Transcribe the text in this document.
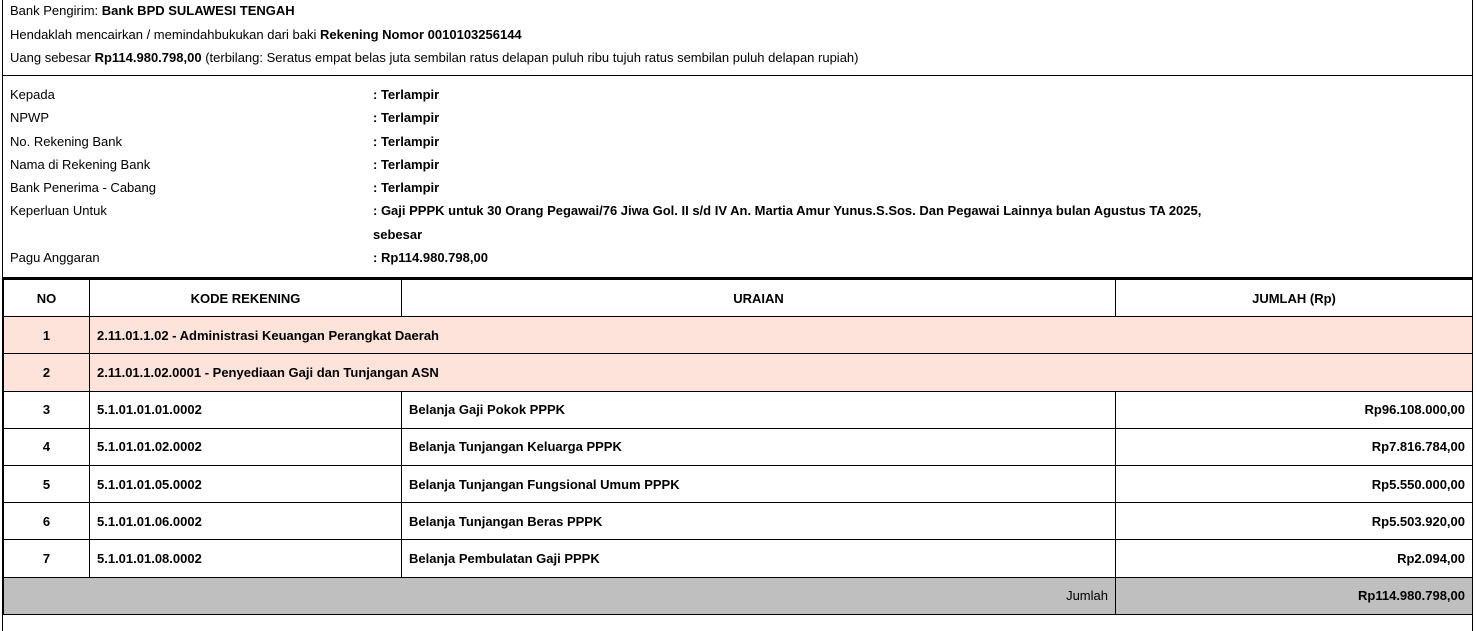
Bank Pengirim: Bank BPD SULAWESI TENGAH
Hendaklah mencairkan / memindahbukukan dari baki Rekening Nomor 0010103256144
Uang sebesar Rp114.980.798,00 (terbilang: Seratus empat belas juta sembilan ratus delapan puluh ribu tujuh ratus sembilan puluh delapan rupiah)
Kepada	: Terlampir
NPWP	: Terlampir
No. Rekening Bank	: Terlampir
Nama di Rekening Bank	: Terlampir
Bank Penerima - Cabang	: Terlampir
Keperluan Untuk	: Gaji PPPK untuk 30 Orang Pegawai/76 Jiwa Gol. II s/d IV An. Martia Amur Yunus.S.Sos. Dan Pegawai Lainnya bulan Agustus TA 2025,
sebesar
Pagu Anggaran	: Rp114.980.798,00
NO	KODE REKENING	URAIAN	JUMLAH (Rp)
1	2.11.01.1.02 - Administrasi Keuangan Perangkat Daerah		
2	2.11.01.1.02.0001 - Penyediaan Gaji dan Tunjangan ASN		
3	5.1.01.01.01.0002	Belanja Gaji Pokok PPPK	Rp96.108.000,00
4	5.1.01.01.02.0002	Belanja Tunjangan Keluarga PPPK	Rp7.816.784,00
5	5.1.01.01.05.0002	Belanja Tunjangan Fungsional Umum PPPK	Rp5.550.000,00
6	5.1.01.01.06.0002	Belanja Tunjangan Beras PPPK	Rp5.503.920,00
7	5.1.01.01.08.0002	Belanja Pembulatan Gaji PPPK	Rp2.094,00
Jumlah			Rp114.980.798,00
